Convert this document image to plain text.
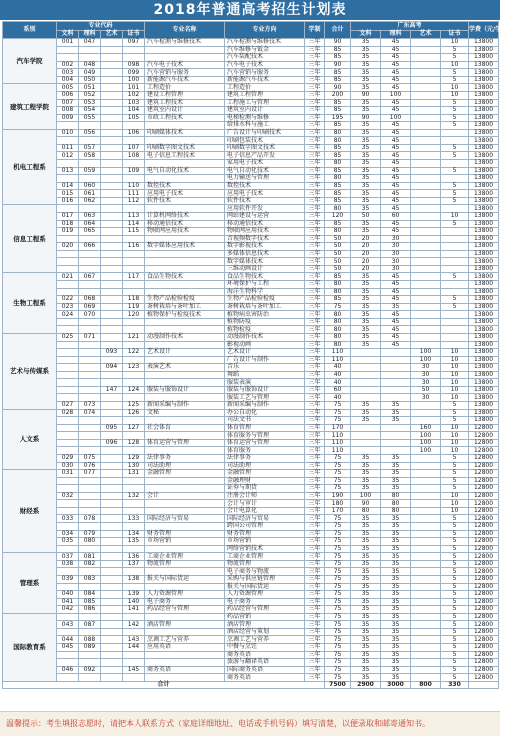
2018年普通高考招生计划表
系别	专业代码				专业名称	专业方向	学制	合计	广东高考				学费（元/学年）
	文科	理科	艺术	证书					文科	理科	艺术	证书	
汽车学院	001	047		097	汽车检测与维修技术	汽车检测与维修技术	三年	90	35	45		10	13800
						汽车维修与钣金	三年	85	35	45		5	13800
						汽车装配技术	三年	85	35	45		5	13800
	002	048		098	汽车电子技术	汽车电子技术	三年	90	35	45		10	13800
	003	049		099	汽车营销与服务	汽车营销与服务	三年	85	35	45		5	13800
	004	050		100	新能源汽车技术	新能源汽车技术	三年	85	35	45		5	13800
建筑工程学院	005	051		101	工程造价	工程造价	三年	90	35	45		10	13800
	006	052		102	建设工程管理	建筑工程管理	三年	200	90	100		10	13800
	007	053		103	建筑工程技术	工程施工与管理	三年	85	35	45		5	13800
	008	054		104	建筑室内设计	建筑室内设计	三年	85	35	45		5	13800
	009	055		105	市政工程技术	电梯检测与维修	三年	195	90	100		5	13800
						给排水科与施工	三年	85	35	45		5	13800
机电工程系	010	056		106	印刷媒体技术	广告设计与印刷技术	三年	80	35	45			13800
						印刷包装技术	三年	80	35	45			13800
	011	057		107	印刷数字图文技术	印刷数字图文技术	三年	85	35	45		5	13800
	012	058		108	电子信息工程技术	电子信息产品开发	三年	85	35	45		5	13800
						家用电子技术	三年	80	35	45			13800
	013	059		109	电气自动化技术	电气自动化技术	三年	85	35	45		5	13800
						电力输送与管理	三年	80	35	45			13800
	014	060		110	数控技术	数控技术	三年	85	35	45		5	13800
	015	061		111	应用电子技术	应用电子技术	三年	85	35	45		5	13800
	016	062		112	软件技术	软件技术	三年	85	35	45		5	13800
信息工程系						应用软件开发	三年	80	35	45			13800
	017	063		113	计算机网络技术	网站建设与运营	三年	120	50	60		10	13800
	018	064		114	移动通信技术	移动通信技术	三年	85	35	45		5	13800
	019	065		115	物联网应用技术	物联网应用技术	三年	80	35	45			13800
						音视频数字技术	三年	50	20	30			13800
	020	066		116	数字媒体应用技术	数字影视技术	三年	50	20	30			13800
						多媒体信息技术	三年	50	20	30			13800
						数字媒体技术	三年	50	20	30			13800
						三维动画设计	三年	50	20	30			13800
生物工程系	021	067		117	食品生物技术	食品生物技术	三年	85	35	45		5	13800
						环境保护与工程	三年	80	35	45			13800
						海洋生物科学	三年	80	35	45			13800
	022	068		118	生物产品检验检疫	生物产品检验检疫	三年	85	35	45		5	13800
	023	069		119	茶树栽培与茶叶加工	茶树栽培与茶叶加工	三年	75	35	35		5	13800
	024	070		120	植物保护与检疫技术	植物病虫害防治	三年	80	35	45			13800
						植物防疫	三年	80	35	45			13800
						植物检疫	三年	80	35	45			13800
艺术与传媒系	025	071		121	动漫制作技术	动漫制作技术	三年	80	35	45			13800
						影视动画	三年	80	35	45			13800
			093	122	艺术设计	艺术设计	三年	110			100	10	13800
						广告设计与制作	三年	110			100	10	13800
			094	123	表演艺术	音乐	三年	40			30	10	13800
						舞蹈	三年	40			30	10	13800
						服装表演	三年	40			30	10	13800
			147	124	服装与服饰设计	服装与服饰设计	三年	60			50	10	13800
						服装工艺与管理	三年	40			30	10	13800
	027	073		125	新闻采编与制作	新闻采编与制作	三年	75	35	35		5	13800
人文系	028	074		126	文秘	办公自动化	三年	75	35	35		5	13800
						司法文书	三年	75	35	35		5	13800
			095	127	社会体育	体育管理	三年	170			160	10	12800
						体育服务与管理	三年	110			100	10	12800
			096	128	体育运营与管理	体育运营与管理	三年	110			100	10	12800
						体育服务	三年	110			100	10	12800
	029	075		129	法律事务	法律事务	三年	75	35	35		5	12800
	030	076		130	司法助理	司法助理	三年	75	35	35		5	12800
财经系	031	077		131	金融管理	金融管理	三年	75	35	35		5	12800
						金融理财	三年	75	35	35		5	12800
						证券与期货	三年	75	35	35		5	12800
	032			132	会计	注册会计师	三年	190	100	80		10	12800
						会计与审计	三年	180	90	80		10	12800
						会计电算化	三年	170	80	80		10	12800
	033	078		133	国际经济与贸易	国际经济与贸易	三年	75	35	35		5	12800
						跨国公司管理	三年	75	35	35		5	12800
	034	079		134	财务管理	财务管理	三年	75	35	35		5	12800
	035	080		135	市场营销	市场营销	三年	75	35	35		5	12800
						网络营销技术	三年	75	35	35		5	12800
管理系	037	081		136	工商企业管理	工商企业管理	三年	75	35	35		5	12800
	038	082		137	物流管理	物流管理	三年	75	35	35		5	12800
						电子商务与物流	三年	75	35	35		5	12800
	039	083		138	报关与国际货运	采购与供应链管理	三年	75	35	35		5	12800
						报关与国际货运	三年	75	35	35		5	12800
	040	084		139	人力资源管理	人力资源管理	三年	75	35	35		5	12800
	041	085		140	电子商务	电子商务	三年	75	35	35		5	12800
	042	086		141	药品经营与管理	药品经营与管理	三年	75	35	35		5	12800
国际教育系						药品营销	三年	75	35	35		5	12800
	043	087		142	酒店管理	酒店管理	三年	75	35	35		5	12800
						酒店经营与策划	三年	75	35	35		5	12800
	044	088		143	烹调工艺与营养	烹调工艺与营养	三年	75	35	35		5	12800
	045	089		144	应用英语	中餐与烹饪	三年	75	35	35		5	12800
						商务英语	三年	75	35	35		5	12800
						旅游与翻译英语	三年	75	35	35		5	12800
	046	092		145	商务英语	国际商务英语	三年	75	35	35		5	12800
						商务英语	三年	75	35	35		5	12800
合计								7500	2900	3000	800	330	
温馨提示：考生填报志愿时，请把本人联系方式（家庭详细地址、电话或手机号码）填写清楚，以便录取和邮寄通知书。
